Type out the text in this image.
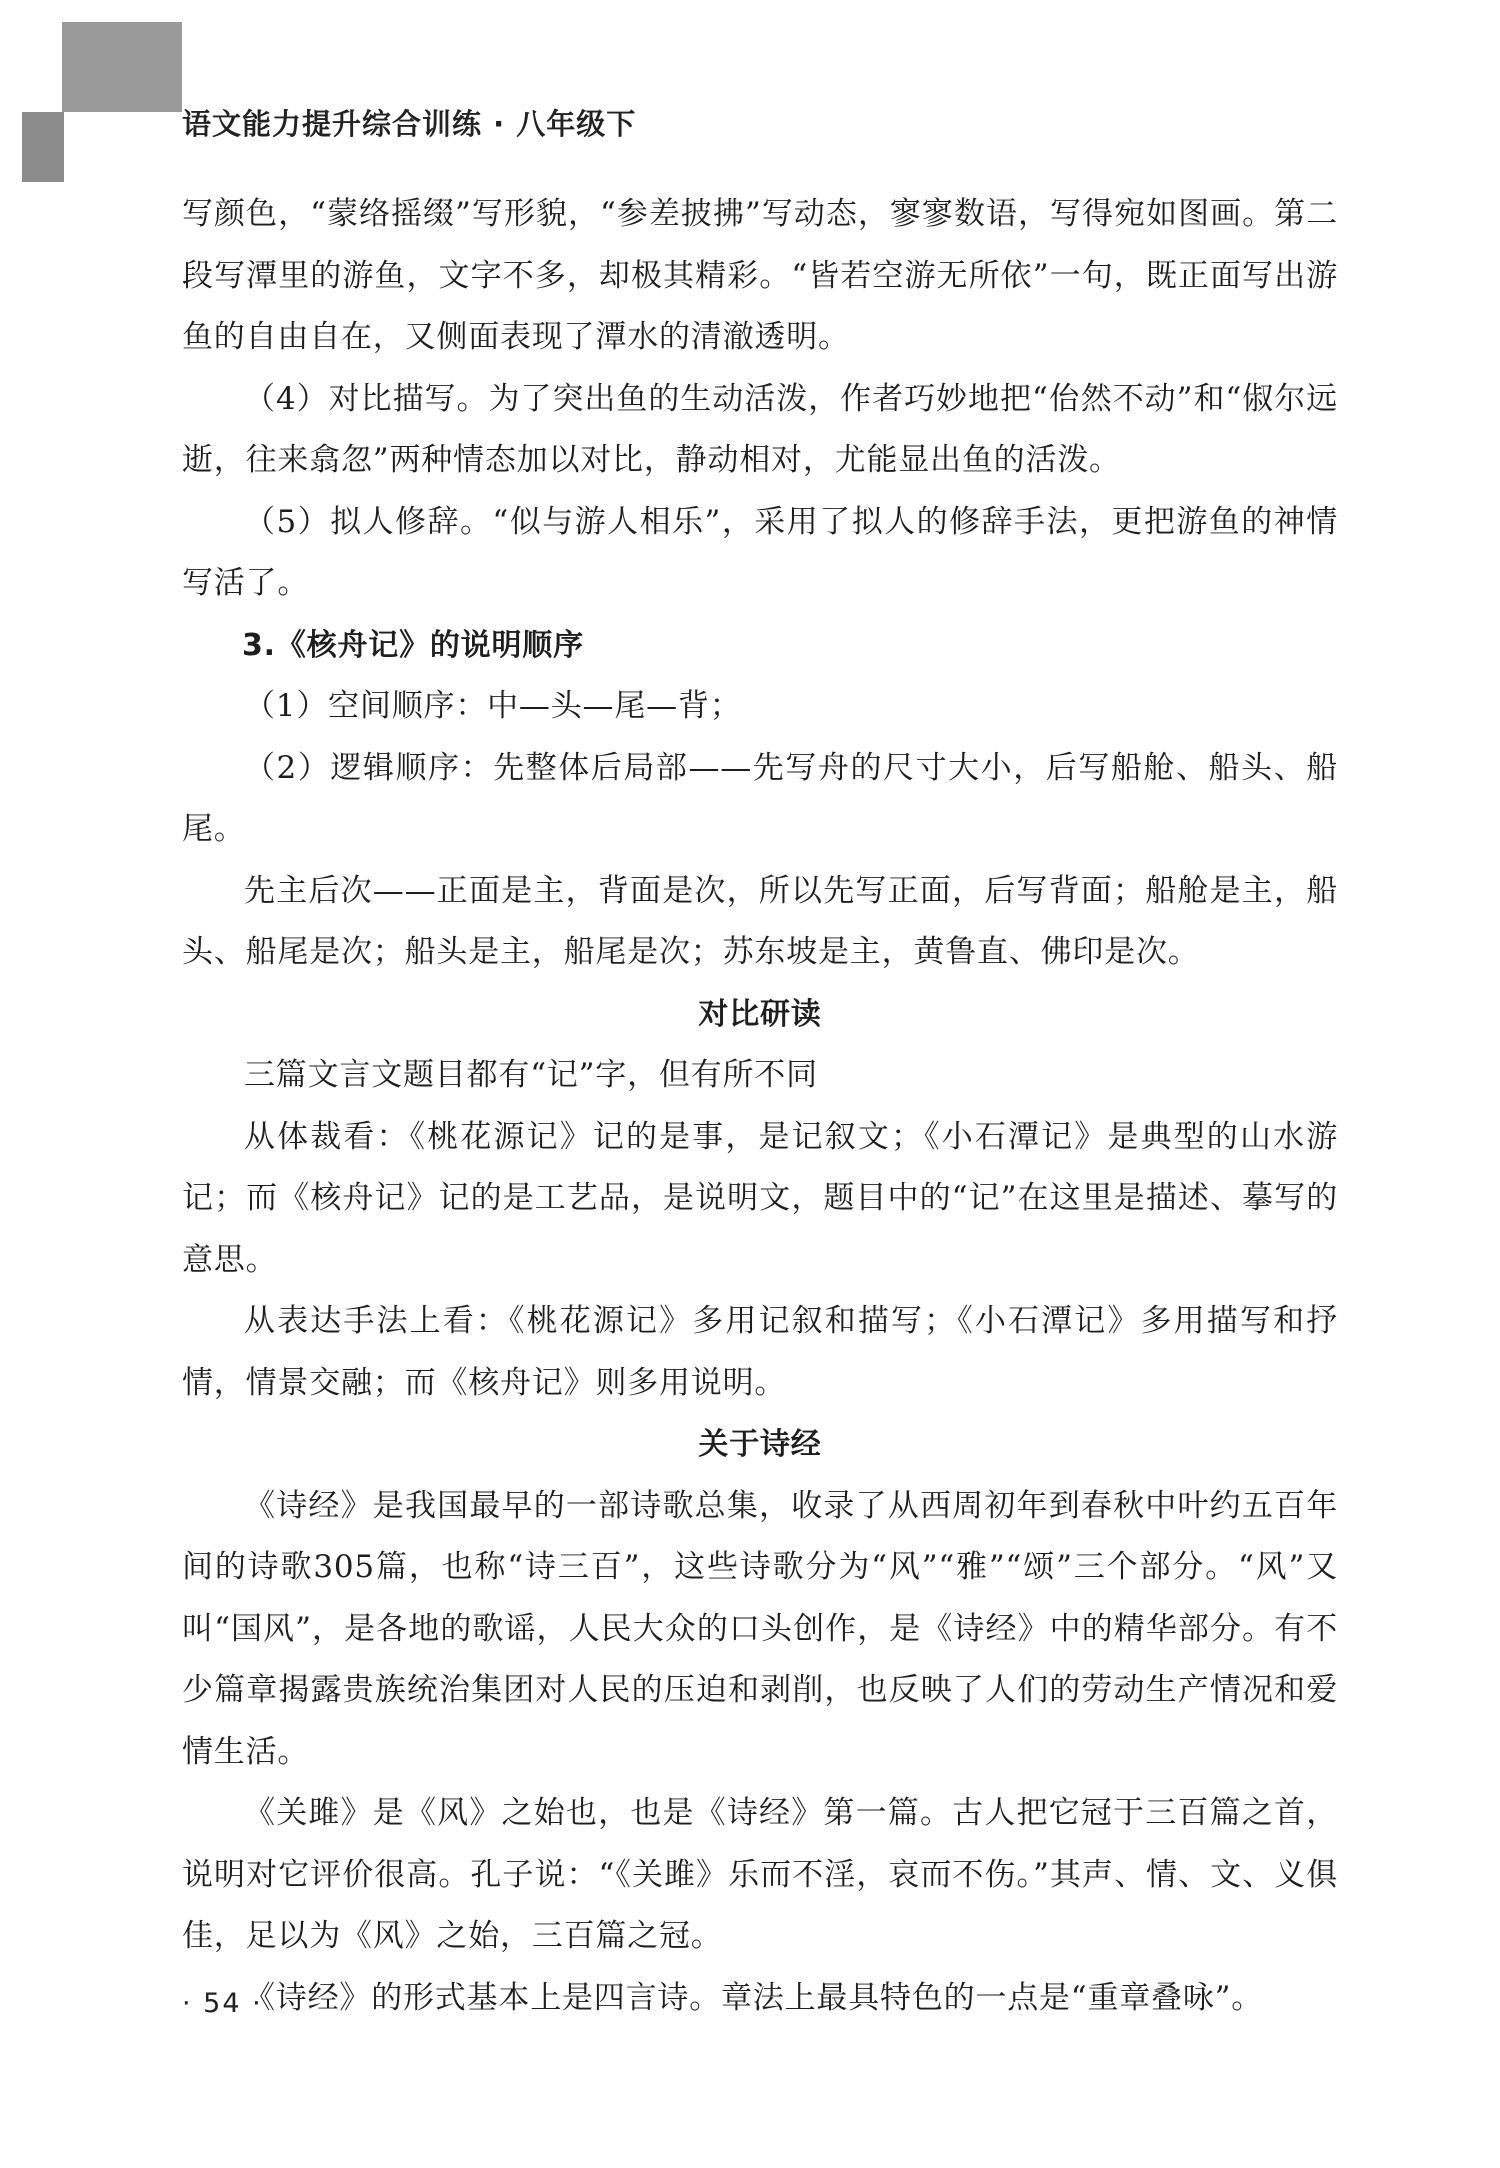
语文能力提升综合训练 · 八年级下

写颜色，“蒙络摇缀”写形貌，“参差披拂”写动态，寥寥数语，写得宛如图画。第二段写潭里的游鱼，文字不多，却极其精彩。“皆若空游无所依”一句，既正面写出游鱼的自由自在，又侧面表现了潭水的清澈透明。

（4）对比描写。为了突出鱼的生动活泼，作者巧妙地把“佁然不动”和“俶尔远逝，往来翕忽”两种情态加以对比，静动相对，尤能显出鱼的活泼。

（5）拟人修辞。“似与游人相乐”，采用了拟人的修辞手法，更把游鱼的神情写活了。

3.《核舟记》的说明顺序

（1）空间顺序：中—头—尾—背；

（2）逻辑顺序：先整体后局部——先写舟的尺寸大小，后写船舱、船头、船尾。

先主后次——正面是主，背面是次，所以先写正面，后写背面；船舱是主，船头、船尾是次；船头是主，船尾是次；苏东坡是主，黄鲁直、佛印是次。

对比研读

三篇文言文题目都有“记”字，但有所不同

从体裁看：《桃花源记》记的是事，是记叙文；《小石潭记》是典型的山水游记；而《核舟记》记的是工艺品，是说明文，题目中的“记”在这里是描述、摹写的意思。

从表达手法上看：《桃花源记》多用记叙和描写；《小石潭记》多用描写和抒情，情景交融；而《核舟记》则多用说明。

关于诗经

《诗经》是我国最早的一部诗歌总集，收录了从西周初年到春秋中叶约五百年间的诗歌305篇，也称“诗三百”，这些诗歌分为“风”“雅”“颂”三个部分。“风”又叫“国风”，是各地的歌谣，人民大众的口头创作，是《诗经》中的精华部分。有不少篇章揭露贵族统治集团对人民的压迫和剥削，也反映了人们的劳动生产情况和爱情生活。

《关雎》是《风》之始也，也是《诗经》第一篇。古人把它冠于三百篇之首，说明对它评价很高。孔子说：“《关雎》乐而不淫，哀而不伤。”其声、情、文、义俱佳，足以为《风》之始，三百篇之冠。

《诗经》的形式基本上是四言诗。章法上最具特色的一点是“重章叠咏”。

· 54 ·
